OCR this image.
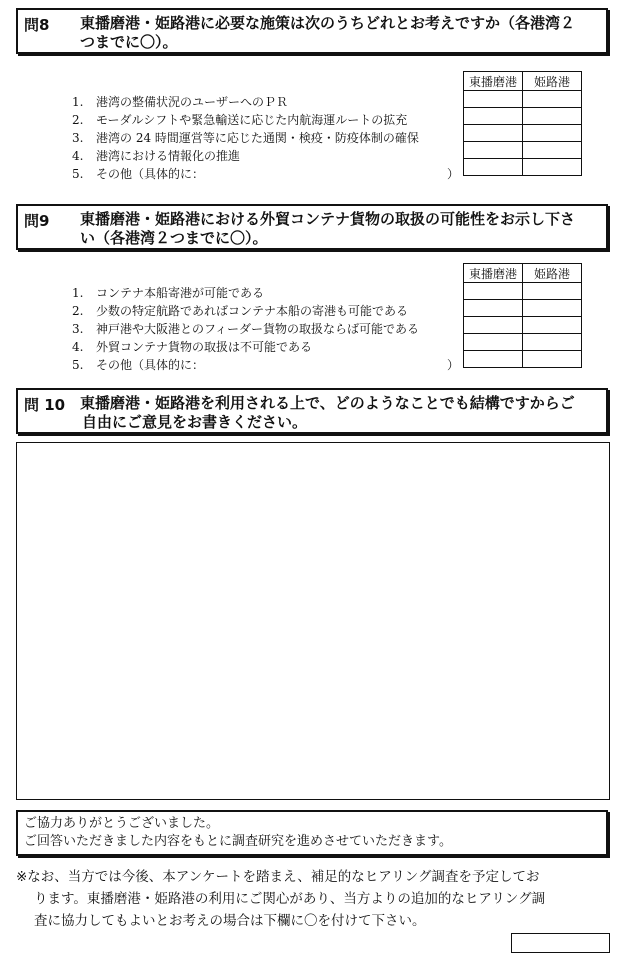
問8 東播磨港・姫路港に必要な施策は次のうちどれとお考えですか（各港湾２
つまでに〇）。
東播磨港	姫路港

1. 港湾の整備状況のユーザーへのＰＲ
2. モーダルシフトや緊急輸送に応じた内航海運ルートの拡充
3. 港湾の 24 時間運営等に応じた通関・検疫・防疫体制の確保
4. 港湾における情報化の推進
5. その他（具体的に：	）
問9 東播磨港・姫路港における外貿コンテナ貨物の取扱の可能性をお示し下さ
い（各港湾２つまでに〇）。
東播磨港	姫路港

1. コンテナ本船寄港が可能である
2. 少数の特定航路であればコンテナ本船の寄港も可能である
3. 神戸港や大阪港とのフィーダー貨物の取扱ならば可能である
4. 外貿コンテナ貨物の取扱は不可能である
5. その他（具体的に：	）
問 10 東播磨港・姫路港を利用される上で、どのようなことでも結構ですからご
自由にご意見をお書きください。
ご協力ありがとうございました。
ご回答いただきました内容をもとに調査研究を進めさせていただきます。
※なお、当方では今後、本アンケートを踏まえ、補足的なヒアリング調査を予定してお
ります。東播磨港・姫路港の利用にご関心があり、当方よりの追加的なヒアリング調
査に協力してもよいとお考えの場合は下欄に〇を付けて下さい。
